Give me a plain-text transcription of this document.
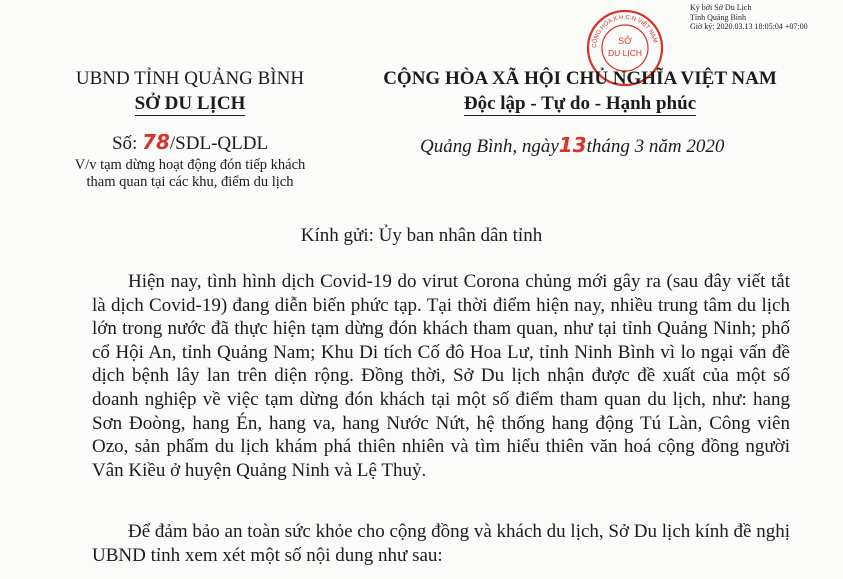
Ký bởi Sở Du Lịch
Tỉnh Quảng Bình
Giờ ký: 2020.03.13 18:05:04 +07:00
CỘNG HÒA X.H.C.N VIỆT NAM
SỞ
DU LỊCH
UBND TỈNH QUẢNG BÌNH
SỞ DU LỊCH
CỘNG HÒA XÃ HỘI CHỦ NGHĨA VIỆT NAM
Độc lập - Tự do - Hạnh phúc
Số: 78/SDL-QLDL
V/v tạm dừng hoạt động đón tiếp khách
tham quan tại các khu, điểm du lịch
Quảng Bình, ngày13tháng 3 năm 2020
Kính gửi: Ủy ban nhân dân tỉnh

Hiện nay, tình hình dịch Covid-19 do virut Corona chủng mới gây ra (sau đây viết tắt là dịch Covid-19) đang diễn biến phức tạp. Tại thời điểm hiện nay, nhiều trung tâm du lịch lớn trong nước đã thực hiện tạm dừng đón khách tham quan, như tại tỉnh Quảng Ninh; phố cổ Hội An, tỉnh Quảng Nam; Khu Di tích Cố đô Hoa Lư, tỉnh Ninh Bình vì lo ngại vấn đề dịch bệnh lây lan trên diện rộng. Đồng thời, Sở Du lịch nhận được đề xuất của một số doanh nghiệp về việc tạm dừng đón khách tại một số điểm tham quan du lịch, như: hang Sơn Đoòng, hang Én, hang va, hang Nước Nứt, hệ thống hang động Tú Làn, Công viên Ozo, sản phẩm du lịch khám phá thiên nhiên và tìm hiểu thiên văn hoá cộng đồng người Vân Kiều ở huyện Quảng Ninh và Lệ Thuỷ.

Để đảm bảo an toàn sức khỏe cho cộng đồng và khách du lịch, Sở Du lịch kính đề nghị UBND tỉnh xem xét một số nội dung như sau:
